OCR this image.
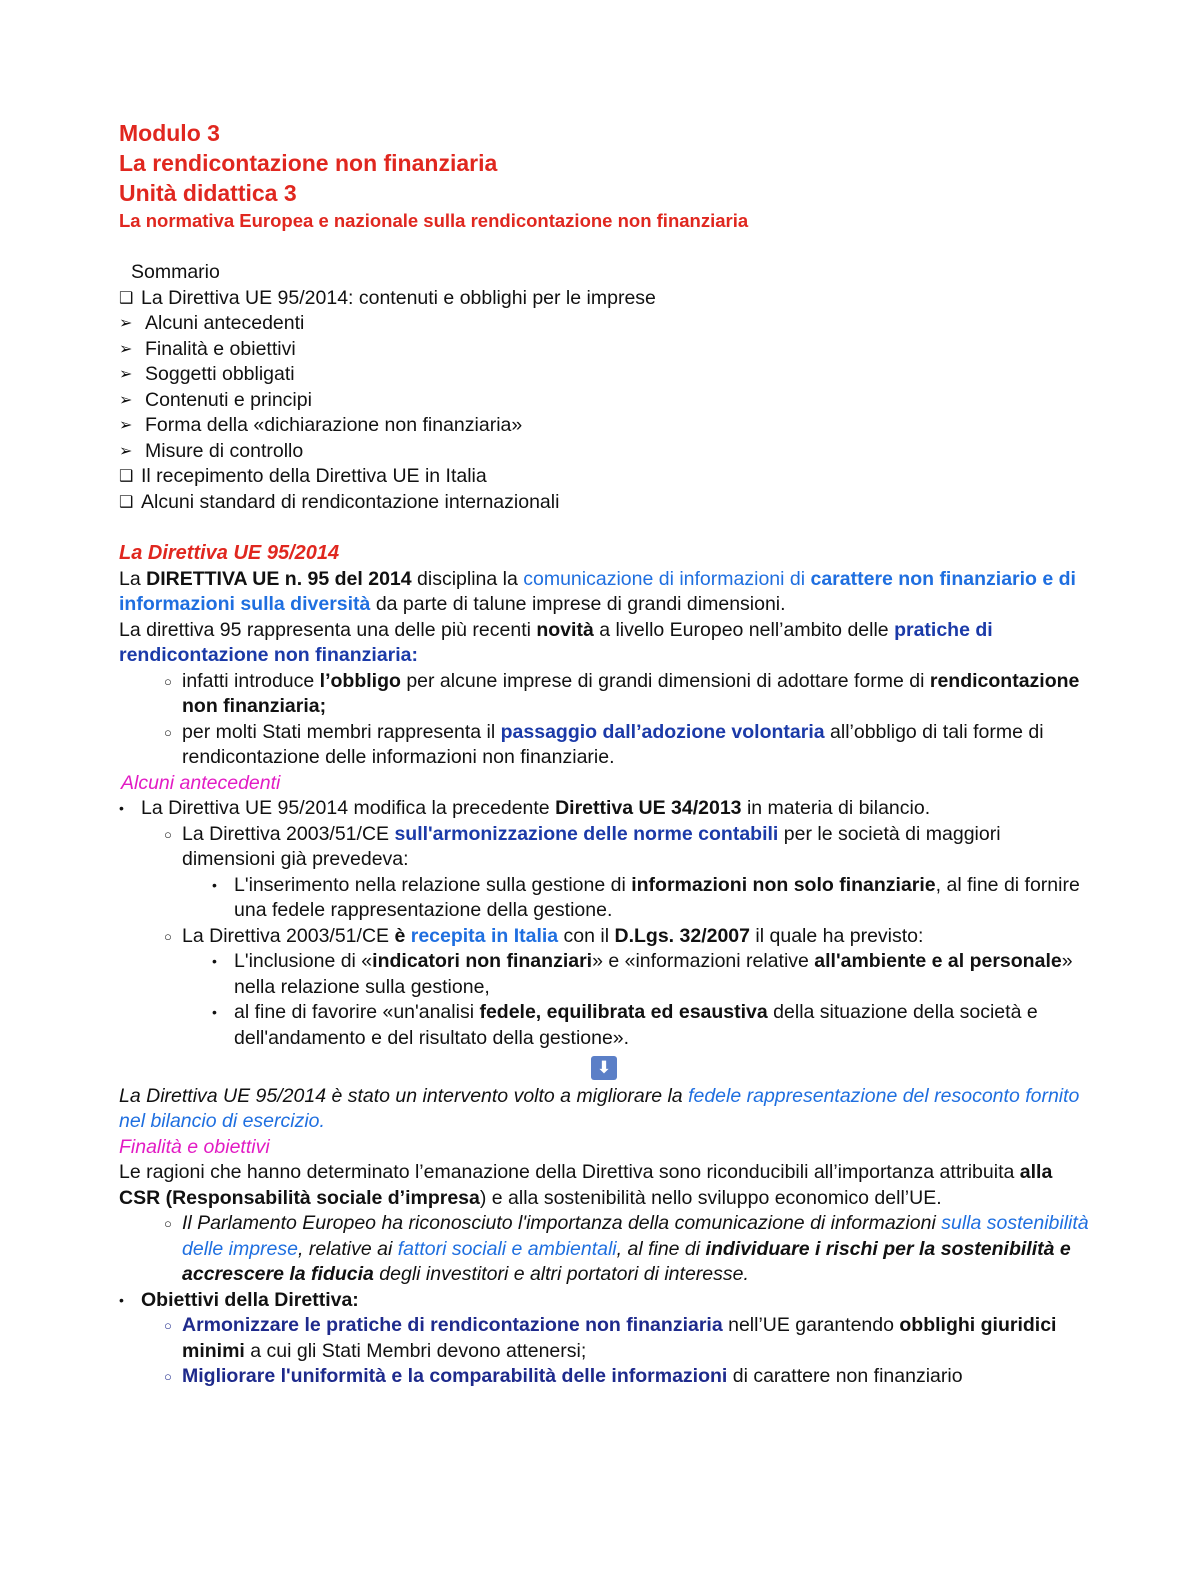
Modulo 3
La rendicontazione non finanziaria
Unità didattica 3
La normativa Europea e nazionale sulla rendicontazione non finanziaria
Sommario
❑ La Direttiva UE 95/2014: contenuti e obblighi per le imprese
➢ Alcuni antecedenti
➢ Finalità e obiettivi
➢ Soggetti obbligati
➢ Contenuti e principi
➢ Forma della «dichiarazione non finanziaria»
➢ Misure di controllo
❑ Il recepimento della Direttiva UE in Italia
❑ Alcuni standard di rendicontazione internazionali
La Direttiva UE 95/2014
La DIRETTIVA UE n. 95 del 2014 disciplina la comunicazione di informazioni di carattere non finanziario e di informazioni sulla diversità da parte di talune imprese di grandi dimensioni.
La direttiva 95 rappresenta una delle più recenti novità a livello Europeo nell’ambito delle pratiche di rendicontazione non finanziaria:
○ infatti introduce l’obbligo per alcune imprese di grandi dimensioni di adottare forme di rendicontazione non finanziaria;
○ per molti Stati membri rappresenta il passaggio dall’adozione volontaria all’obbligo di tali forme di rendicontazione delle informazioni non finanziarie.
Alcuni antecedenti
• La Direttiva UE 95/2014 modifica la precedente Direttiva UE 34/2013 in materia di bilancio.
○ La Direttiva 2003/51/CE sull'armonizzazione delle norme contabili per le società di maggiori dimensioni già prevedeva:
• L'inserimento nella relazione sulla gestione di informazioni non solo finanziarie, al fine di fornire una fedele rappresentazione della gestione.
○ La Direttiva 2003/51/CE è recepita in Italia con il D.Lgs. 32/2007 il quale ha previsto:
• L'inclusione di «indicatori non finanziari» e «informazioni relative all'ambiente e al personale» nella relazione sulla gestione,
• al fine di favorire «un'analisi fedele, equilibrata ed esaustiva della situazione della società e dell'andamento e del risultato della gestione».
⬇
La Direttiva UE 95/2014 è stato un intervento volto a migliorare la fedele rappresentazione del resoconto fornito nel bilancio di esercizio.
Finalità e obiettivi
Le ragioni che hanno determinato l’emanazione della Direttiva sono riconducibili all’importanza attribuita alla CSR (Responsabilità sociale d’impresa) e alla sostenibilità nello sviluppo economico dell’UE.
○ Il Parlamento Europeo ha riconosciuto l'importanza della comunicazione di informazioni sulla sostenibilità delle imprese, relative ai fattori sociali e ambientali, al fine di individuare i rischi per la sostenibilità e accrescere la fiducia degli investitori e altri portatori di interesse.
• Obiettivi della Direttiva:
○ Armonizzare le pratiche di rendicontazione non finanziaria nell’UE garantendo obblighi giuridici minimi a cui gli Stati Membri devono attenersi;
○ Migliorare l'uniformità e la comparabilità delle informazioni di carattere non finanziario
